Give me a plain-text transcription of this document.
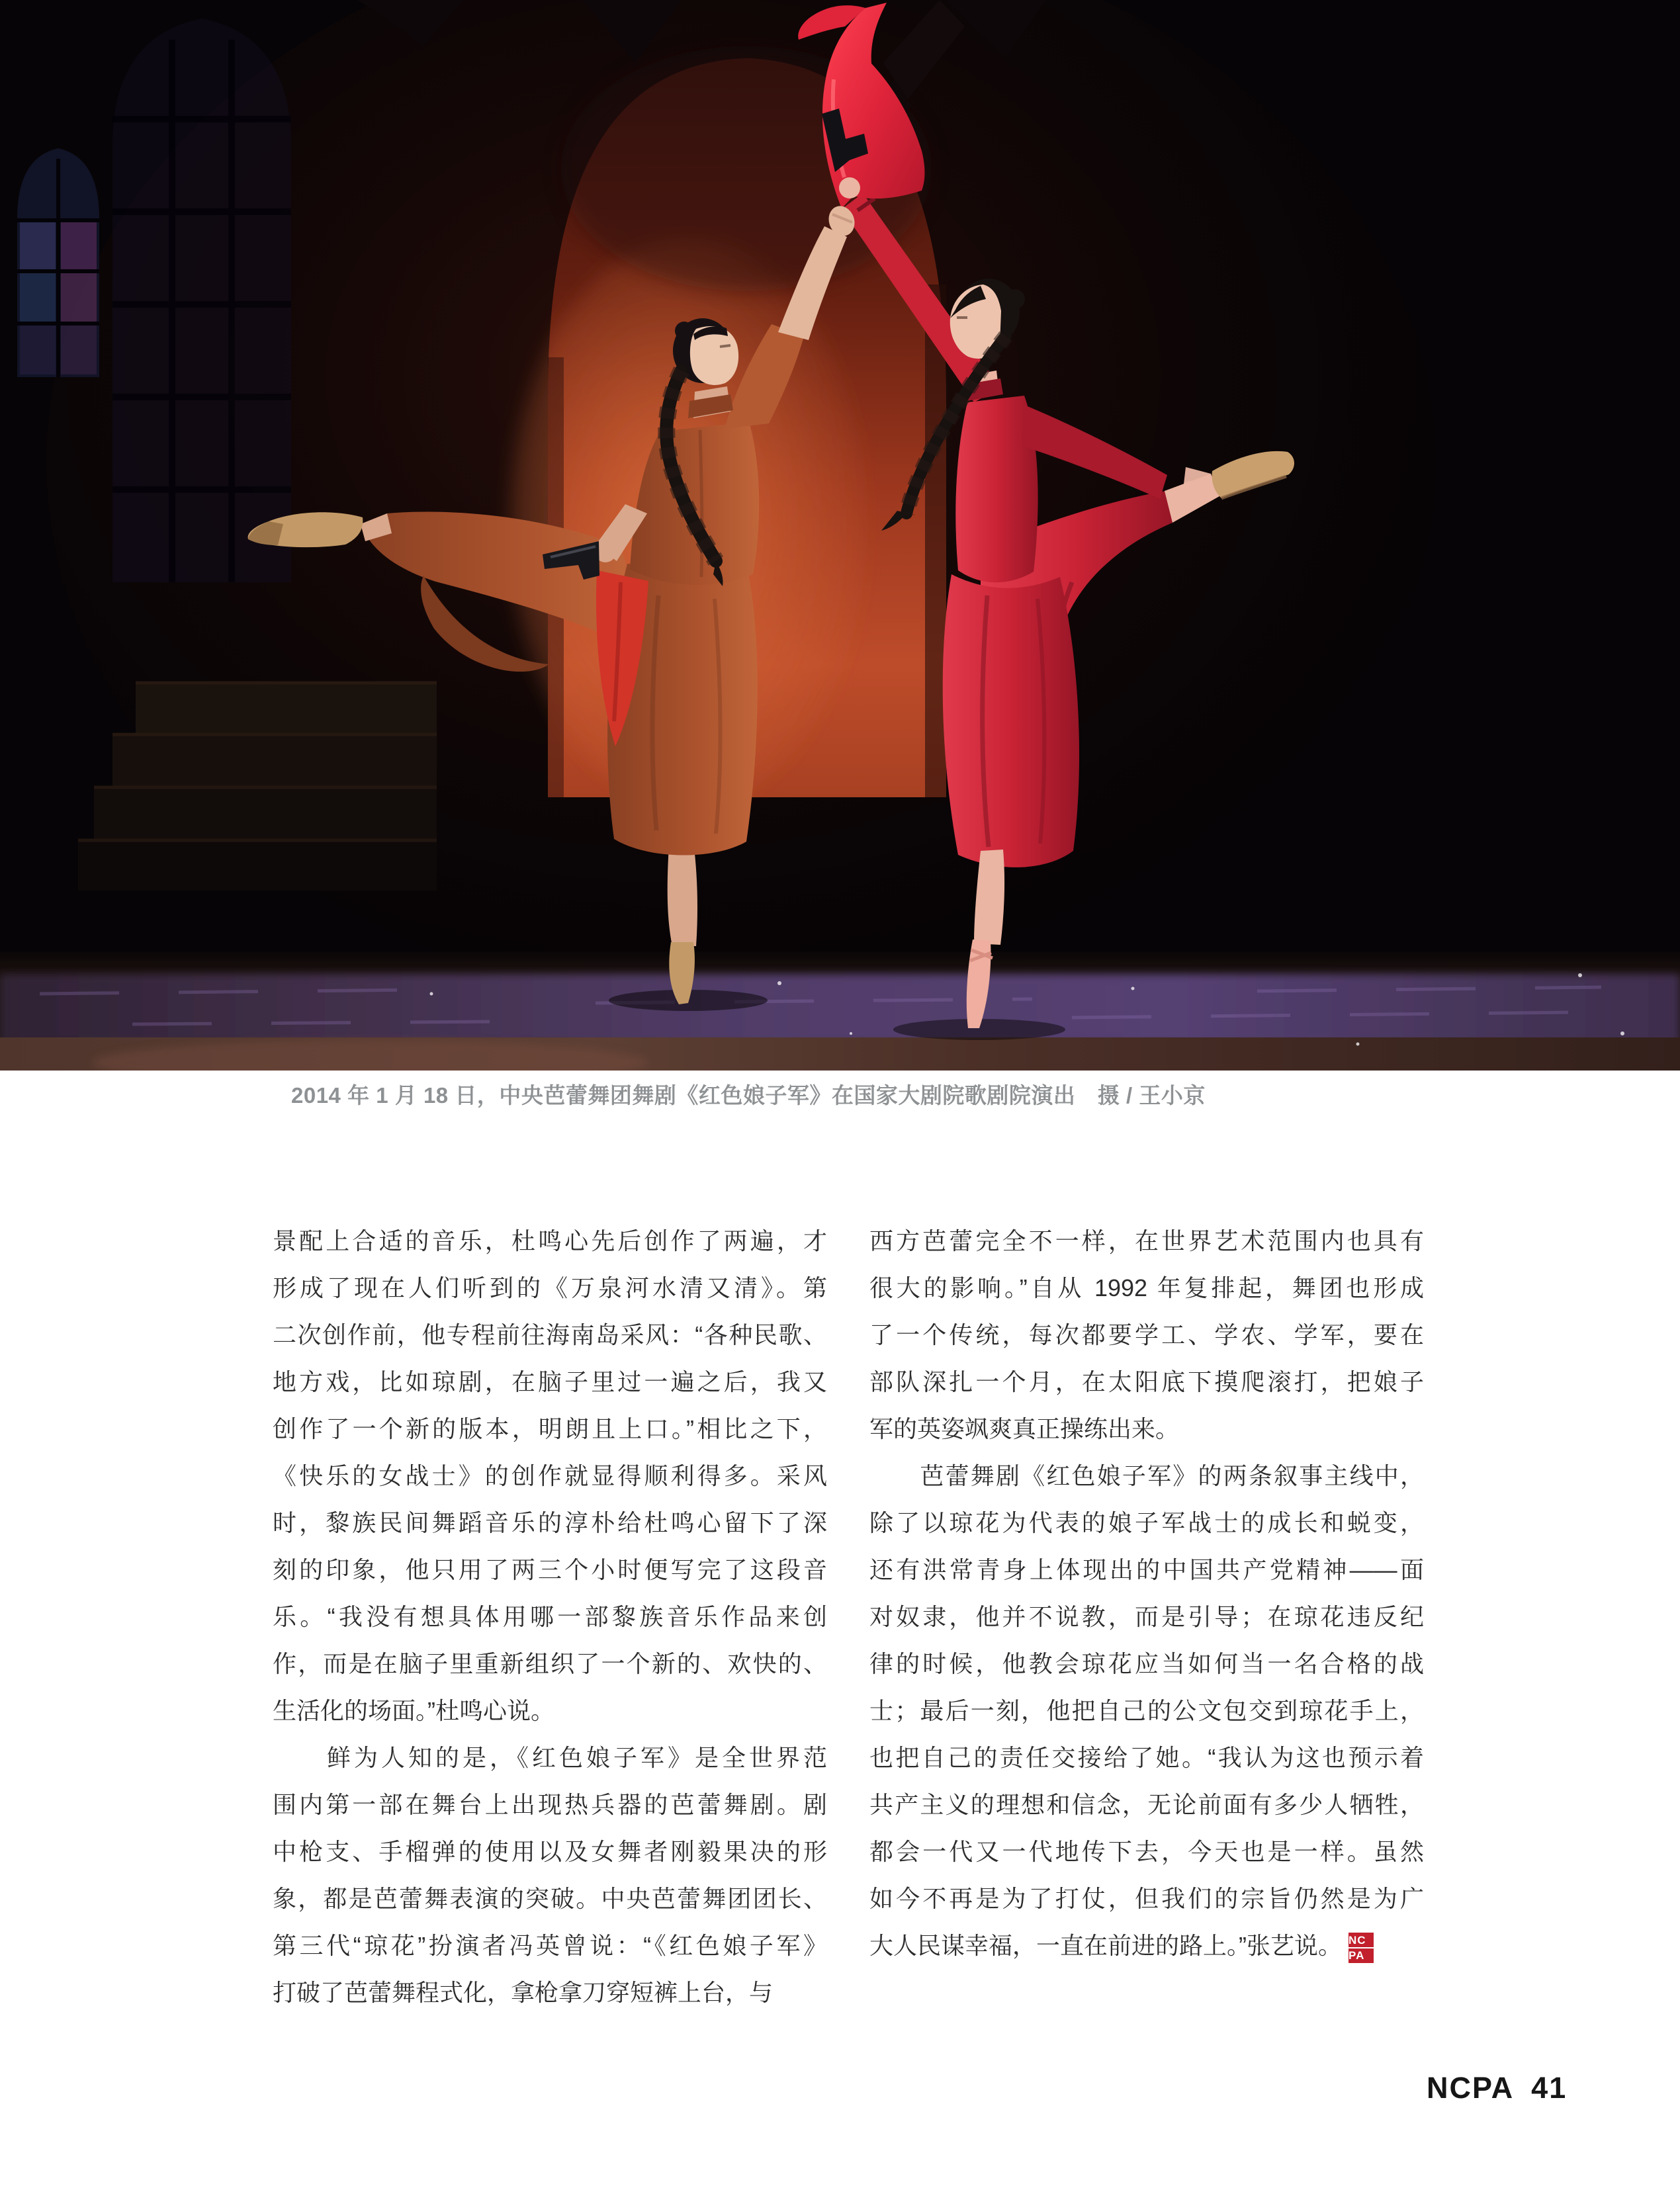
2014 年 1 月 18 日，中央芭蕾舞团舞剧《红色娘子军》在国家大剧院歌剧院演出　摄 / 王小京
景配上合适的音乐，杜鸣心先后创作了两遍，才
形成了现在人们听到的《万泉河水清又清》。第
二次创作前，他专程前往海南岛采风：“各种民歌、
地方戏，比如琼剧，在脑子里过一遍之后，我又
创作了一个新的版本，明朗且上口。”相比之下，
《快乐的女战士》的创作就显得顺利得多。采风
时，黎族民间舞蹈音乐的淳朴给杜鸣心留下了深
刻的印象，他只用了两三个小时便写完了这段音
乐。“我没有想具体用哪一部黎族音乐作品来创
作，而是在脑子里重新组织了一个新的、欢快的、
生活化的场面。”杜鸣心说。
　　鲜为人知的是，《红色娘子军》是全世界范
围内第一部在舞台上出现热兵器的芭蕾舞剧。剧
中枪支、手榴弹的使用以及女舞者刚毅果决的形
象，都是芭蕾舞表演的突破。中央芭蕾舞团团长、
第三代“琼花”扮演者冯英曾说：“《红色娘子军》
打破了芭蕾舞程式化，拿枪拿刀穿短裤上台，与
西方芭蕾完全不一样，在世界艺术范围内也具有
很大的影响。”自从 1992 年复排起，舞团也形成
了一个传统，每次都要学工、学农、学军，要在
部队深扎一个月，在太阳底下摸爬滚打，把娘子
军的英姿飒爽真正操练出来。
　　芭蕾舞剧《红色娘子军》的两条叙事主线中，
除了以琼花为代表的娘子军战士的成长和蜕变，
还有洪常青身上体现出的中国共产党精神——面
对奴隶，他并不说教，而是引导；在琼花违反纪
律的时候，他教会琼花应当如何当一名合格的战
士；最后一刻，他把自己的公文包交到琼花手上，
也把自己的责任交接给了她。“我认为这也预示着
共产主义的理想和信念，无论前面有多少人牺牲，
都会一代又一代地传下去，今天也是一样。虽然
如今不再是为了打仗，但我们的宗旨仍然是为广
大人民谋幸福，一直在前进的路上。”张艺说。 $\frac{NC}{PA}$
NCPA 41
